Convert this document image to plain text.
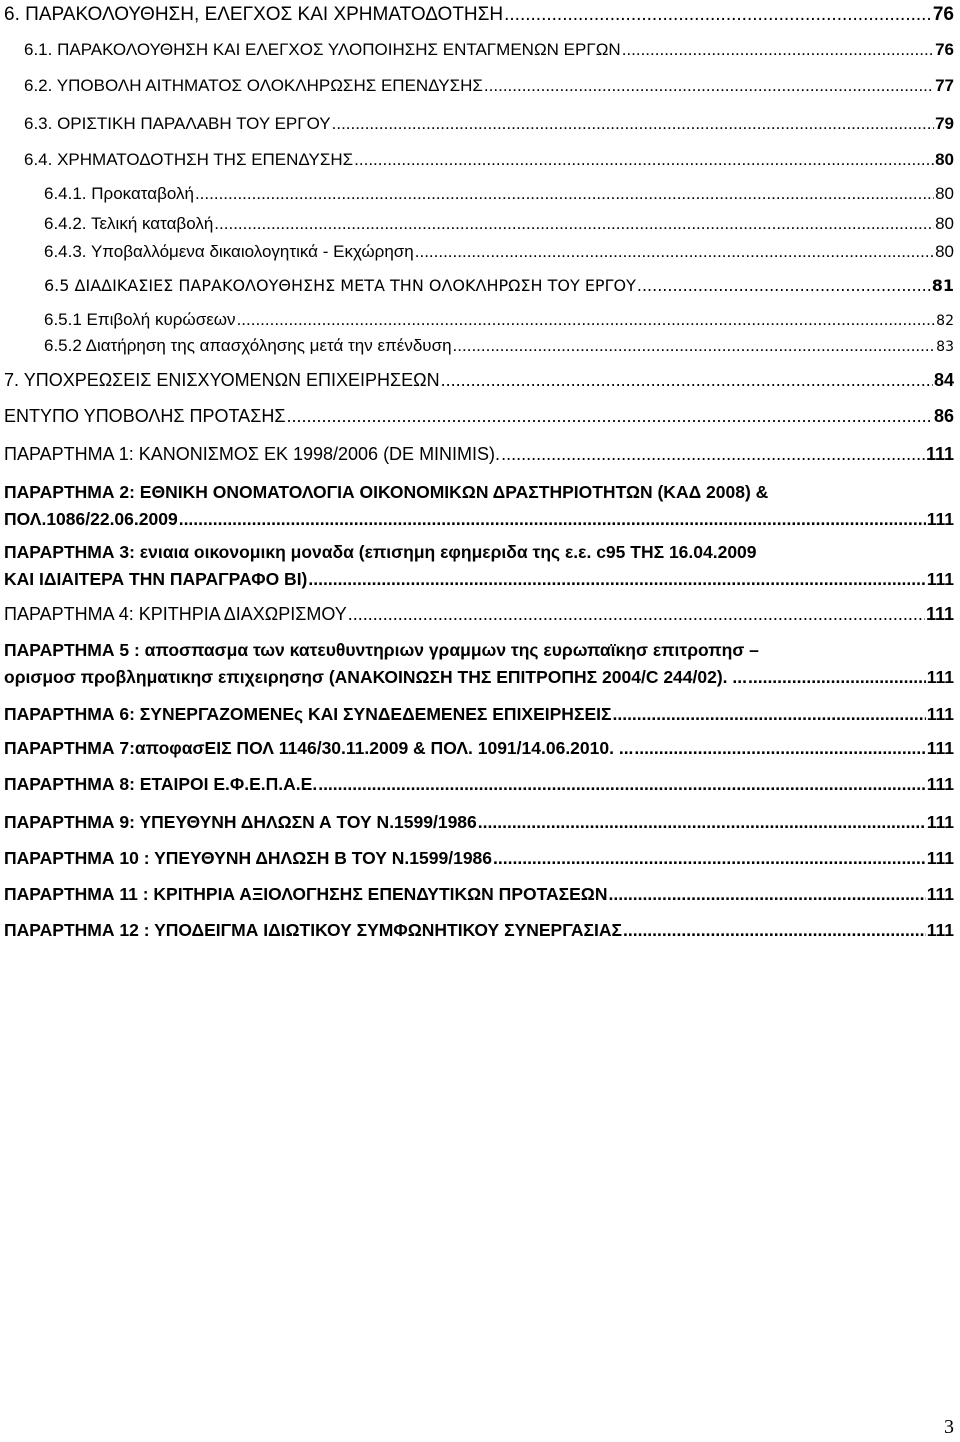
6. ΠΑΡΑΚΟΛΟΥΘΗΣΗ, ΕΛΕΓΧΟΣ ΚΑΙ ΧΡΗΜΑΤΟΔΟΤΗΣΗ .....	76
6.1. ΠΑΡΑΚΟΛΟΥΘΗΣΗ ΚΑΙ ΕΛΕΓΧΟΣ ΥΛΟΠΟΙΗΣΗΣ ΕΝΤΑΓΜΕΝΩΝ ΕΡΓΩΝ .....	76
6.2. ΥΠΟΒΟΛΗ ΑΙΤΗΜΑΤΟΣ ΟΛΟΚΛΗΡΩΣΗΣ ΕΠΕΝΔΥΣΗΣ .....	77
6.3. ΟΡΙΣΤΙΚΗ ΠΑΡΑΛΑΒΗ ΤΟΥ ΕΡΓΟΥ .....	79
6.4. ΧΡΗΜΑΤΟΔΟΤΗΣΗ ΤΗΣ ΕΠΕΝΔΥΣΗΣ .....	80
6.4.1. Προκαταβολή .....	80
6.4.2. Τελική καταβολή .....	80
6.4.3. Υποβαλλόμενα δικαιολογητικά - Εκχώρηση .....	80
6.5 ΔΙΑΔΙΚΑΣΙΕΣ ΠΑΡΑΚΟΛΟΥΘΗΣΗΣ ΜΕΤΑ ΤΗΝ ΟΛΟΚΛΗΡΩΣΗ ΤΟΥ ΕΡΓΟΥ .....	81
6.5.1 Επιβολή κυρώσεων .....	82
6.5.2 Διατήρηση της απασχόλησης μετά την επένδυση .....	83
7. ΥΠΟΧΡΕΩΣΕΙΣ ΕΝΙΣΧΥΟΜΕΝΩΝ ΕΠΙΧΕΙΡΗΣΕΩΝ .....	84
ΕΝΤΥΠΟ ΥΠΟΒΟΛΗΣ ΠΡΟΤΑΣΗΣ .....	86
ΠΑΡΑΡΤΗΜΑ 1: ΚΑΝΟΝΙΣΜΟΣ ΕΚ 1998/2006 (DE MINIMIS). .....	111
ΠΑΡΑΡΤΗΜΑ 2: ΕΘΝΙΚΗ ΟΝΟΜΑΤΟΛΟΓΙΑ ΟΙΚΟΝΟΜΙΚΩΝ ΔΡΑΣΤΗΡΙΟΤΗΤΩΝ (ΚΑΔ 2008) &
ΠΟΛ.1086/22.06.2009 .....	111
ΠΑΡΑΡΤΗΜΑ 3: ενιαια οικονομικη μοναδα (επισημη εφημεριδα της ε.ε. c95 ΤΗΣ 16.04.2009
ΚΑΙ ΙΔΙΑΙΤΕΡΑ ΤΗΝ ΠΑΡΑΓΡΑΦΟ ΒΙ) .....	111
ΠΑΡΑΡΤΗΜΑ 4: ΚΡΙΤΗΡΙΑ ΔΙΑΧΩΡΙΣΜΟΥ .....	111
ΠΑΡΑΡΤΗΜΑ 5 : αποσπασμα των κατευθυντηριων γραμμων της ευρωπαϊκησ επιτροπησ –
ορισμοσ προβληματικησ επιχειρησησ (ΑΝΑΚΟΙΝΩΣΗ ΤΗΣ ΕΠΙΤΡΟΠΗΣ 2004/C 244/02). ... .....	111
ΠΑΡΑΡΤΗΜΑ 6: ΣΥΝΕΡΓΑΖΟΜΕΝΕς ΚΑΙ ΣΥΝΔΕΔΕΜΕΝΕΣ ΕΠΙΧΕΙΡΗΣΕΙΣ .....	111
ΠΑΡΑΡΤΗΜΑ 7:αποφασΕΙΣ ΠΟΛ 1146/30.11.2009 & ΠΟΛ. 1091/14.06.2010. ... .....	111
ΠΑΡΑΡΤΗΜΑ 8: ΕΤΑΙΡΟΙ Ε.Φ.Ε.Π.Α.Ε. .....	111
ΠΑΡΑΡΤΗΜΑ 9: ΥΠΕΥΘΥΝΗ ΔΗΛΩΣΝ Α ΤΟΥ Ν.1599/1986 .....	111
ΠΑΡΑΡΤΗΜΑ 10 : ΥΠΕΥΘΥΝΗ ΔΗΛΩΣΗ Β ΤΟΥ Ν.1599/1986 .....	111
ΠΑΡΑΡΤΗΜΑ 11 : ΚΡΙΤΗΡΙΑ ΑΞΙΟΛΟΓΗΣΗΣ ΕΠΕΝΔΥΤΙΚΩΝ ΠΡΟΤΑΣΕΩΝ .....	111
ΠΑΡΑΡΤΗΜΑ 12 : ΥΠΟΔΕΙΓΜΑ ΙΔΙΩΤΙΚΟΥ ΣΥΜΦΩΝΗΤΙΚΟΥ ΣΥΝΕΡΓΑΣΙΑΣ .....	111
3
